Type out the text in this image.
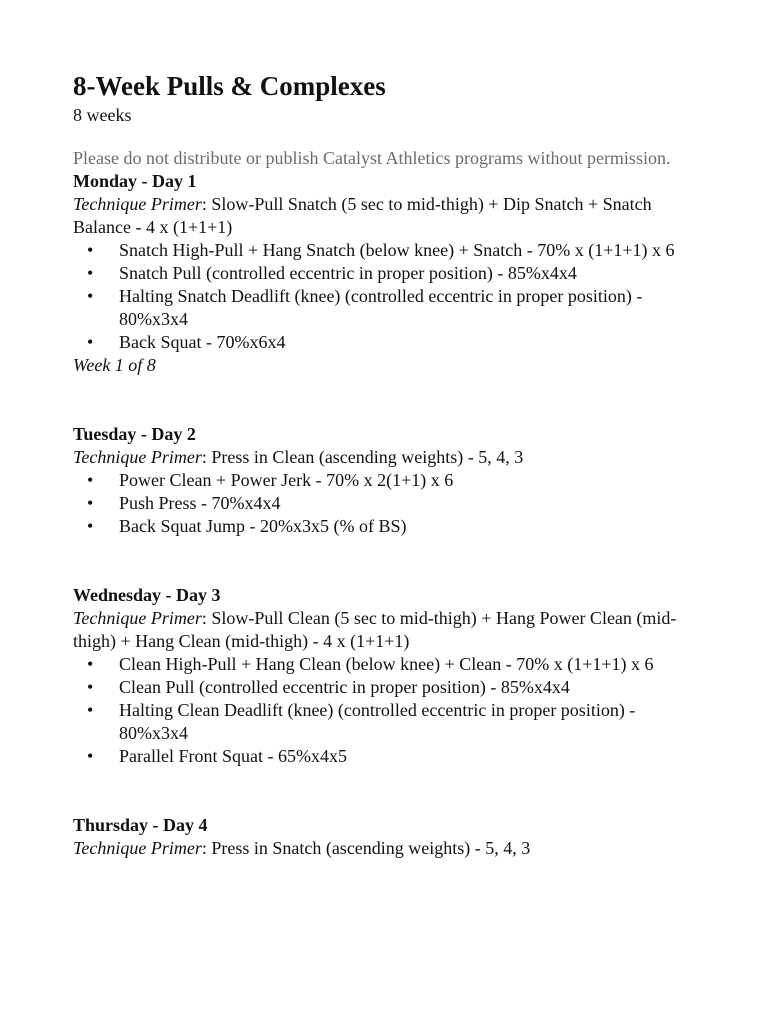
8-Week Pulls & Complexes

8 weeks

Please do not distribute or publish Catalyst Athletics programs without permission.

Monday - Day 1

Technique Primer: Slow-Pull Snatch (5 sec to mid-thigh) + Dip Snatch + Snatch Balance - 4 x (1+1+1)

• Snatch High-Pull + Hang Snatch (below knee) + Snatch - 70% x (1+1+1) x 6
• Snatch Pull (controlled eccentric in proper position) - 85%x4x4
• Halting Snatch Deadlift (knee) (controlled eccentric in proper position) - 80%x3x4
• Back Squat - 70%x6x4

Week 1 of 8

Tuesday - Day 2

Technique Primer: Press in Clean (ascending weights) - 5, 4, 3

• Power Clean + Power Jerk - 70% x 2(1+1) x 6
• Push Press - 70%x4x4
• Back Squat Jump - 20%x3x5 (% of BS)

Wednesday - Day 3

Technique Primer: Slow-Pull Clean (5 sec to mid-thigh) + Hang Power Clean (mid-thigh) + Hang Clean (mid-thigh) - 4 x (1+1+1)

• Clean High-Pull + Hang Clean (below knee) + Clean - 70% x (1+1+1) x 6
• Clean Pull (controlled eccentric in proper position) - 85%x4x4
• Halting Clean Deadlift (knee) (controlled eccentric in proper position) - 80%x3x4
• Parallel Front Squat - 65%x4x5

Thursday - Day 4

Technique Primer: Press in Snatch (ascending weights) - 5, 4, 3
